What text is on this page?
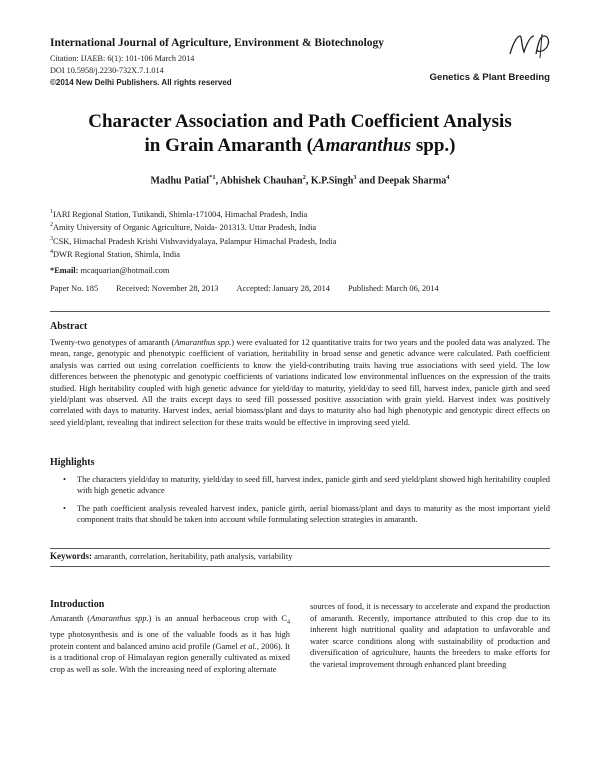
International Journal of Agriculture, Environment & Biotechnology
Citation: IJAEB: 6(1): 101-106 March 2014
DOI 10.5958/j.2230-732X.7.1.014
©2014 New Delhi Publishers. All rights reserved	Genetics & Plant Breeding
Character Association and Path Coefficient Analysis
in Grain Amaranth (Amaranthus spp.)
Madhu Patial$^{*1}$, Abhishek Chauhan$^2$, K.P.Singh$^3$ and Deepak Sharma$^4$
$^1$IARI Regional Station, Tutikandi, Shimla-171004, Himachal Pradesh, India
$^2$Amity University of Organic Agriculture, Noida- 201313. Uttar Pradesh, India
$^3$CSK, Himachal Pradesh Krishi Vishvavidyalaya, Palampur Himachal Pradesh, India
$^4$DWR Regional Station, Shimla, India
*Email: mcaquarian@hotmail.com
Paper No. 185 Received: November 28, 2013 Accepted: January 28, 2014 Published: March 06, 2014
Abstract
Twenty-two genotypes of amaranth (Amaranthus spp.) were evaluated for 12 quantitative traits for two years and the pooled data was analyzed. The mean, range, genotypic and phenotypic coefficient of variation, heritability in broad sense and genetic advance were calculated. Path coefficient analysis was carried out using correlation coefficients to know the yield-contributing traits having true associations with seed yield. The low differences between the phenotypic and genotypic coefficients of variations indicated low environmental influences on the expression of the traits studied. High heritability coupled with high genetic advance for yield/day to maturity, yield/day to seed fill, harvest index, panicle girth and seed yield/plant was observed. All the traits except days to seed fill possessed positive association with grain yield. Harvest index was positively correlated with days to maturity. Harvest index, aerial biomass/plant and days to maturity also had high phenotypic and genotypic direct effects on seed yield/plant, revealing that indirect selection for these traits would be effective in improving seed yield.
Highlights
• The characters yield/day to maturity, yield/day to seed fill, harvest index, panicle girth and seed yield/plant showed high heritability coupled with high genetic advance
• The path coefficient analysis revealed harvest index, panicle girth, aerial biomass/plant and days to maturity as the most important yield component traits that should be taken into account while formulating selection strategies in amaranth.
Keywords: amaranth, correlation, heritability, path analysis, variability
Introduction
Amaranth (Amaranthus spp.) is an annual herbaceous crop with $C_4$ type photosynthesis and is one of the valuable foods as it has high protein content and balanced amino acid profile (Gamel et al., 2006). It is a traditional crop of Himalayan region generally cultivated as mixed crop as well as sole. With the increasing need of exploring alternate
sources of food, it is necessary to accelerate and expand the production of amaranth. Recently, importance attributed to this crop due to its inherent high nutritional quality and adaptation to unfavorable and water scarce conditions along with sustainability of production and diversification of agriculture, haunts the breeders to make efforts for the varietal improvement through enhanced plant breeding
